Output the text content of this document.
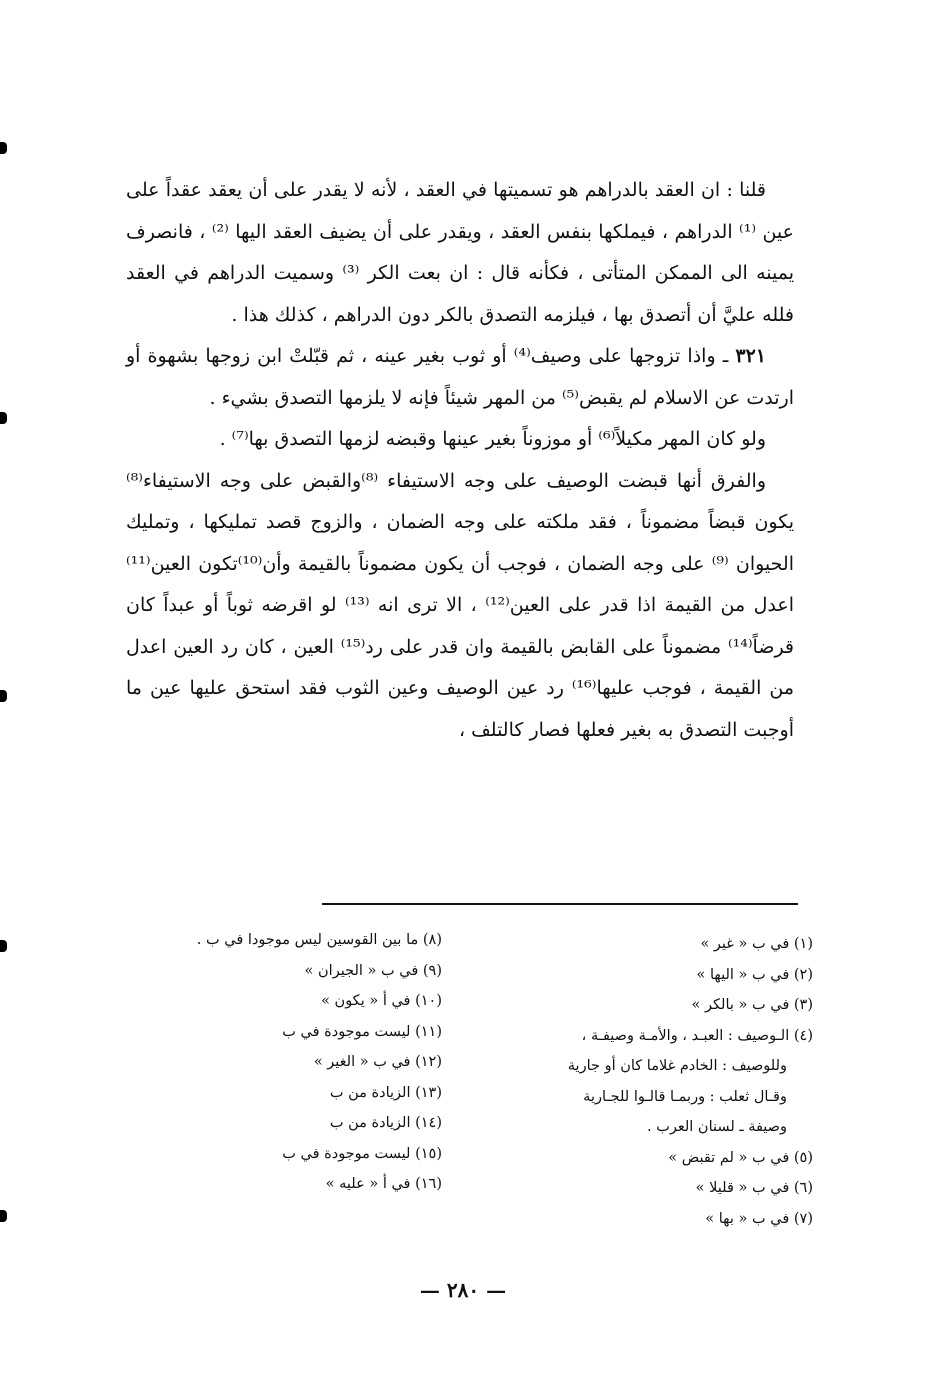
قلنا : ان العقد بالدراهم هو تسميتها في العقد ، لأنه لا يقدر على أن يعقد عقداً على عين ⁽¹⁾ الدراهم ، فيملكها بنفس العقد ، ويقدر على أن يضيف العقد اليها ⁽²⁾ ، فانصرف يمينه الى الممكن المتأتى ، فكأنه قال : ان بعت الكر ⁽³⁾ وسميت الدراهم في العقد فلله عليَّ أن أتصدق بها ، فيلزمه التصدق بالكر دون الدراهم ، كذلك هذا .

٣٢١ ـ واذا تزوجها على وصيف⁽⁴⁾ أو ثوب بغير عينه ، ثم قبّلتْ ابن زوجها بشهوة أو ارتدت عن الاسلام لم يقبض⁽⁵⁾ من المهر شيئاً فإنه لا يلزمها التصدق بشيء .

ولو كان المهر مكيلاً⁽⁶⁾ أو موزوناً بغير عينها وقبضه لزمها التصدق بها⁽⁷⁾ .

والفرق أنها قبضت الوصيف على وجه الاستيفاء ⁽⁸⁾والقبض على وجه الاستيفاء⁽⁸⁾ يكون قبضاً مضموناً ، فقد ملكته على وجه الضمان ، والزوج قصد تمليكها ، وتمليك الحيوان ⁽⁹⁾ على وجه الضمان ، فوجب أن يكون مضموناً بالقيمة وأن⁽¹⁰⁾تكون العين⁽¹¹⁾ اعدل من القيمة اذا قدر على العين⁽¹²⁾ ، الا ترى انه ⁽¹³⁾ لو اقرضه ثوباً أو عبداً كان قرضاً⁽¹⁴⁾ مضموناً على القابض بالقيمة وان قدر على رد⁽¹⁵⁾ العين ، كان رد العين اعدل من القيمة ، فوجب عليها⁽¹⁶⁾ رد عين الوصيف وعين الثوب فقد استحق عليها عين ما أوجبت التصدق به بغير فعلها فصار كالتلف ،

(١) في ب « غير »
(٢) في ب « اليها »
(٣) في ب « بالكر »
(٤) الـوصيف : العبـد ، والأمـة وصيفـة ،
وللوصيف : الخادم غلاما كان أو جارية
وقـال ثعلب : وربمـا قالـوا للجـارية
وصيفة ـ لسنان العرب .
(٥) في ب « لم تقبض »
(٦) في ب « قليلا »
(٧) في ب « بها »
(٨) ما بين القوسين ليس موجودا في ب .
(٩) في ب « الجيران »
(١٠) في أ « يكون »
(١١) ليست موجودة في ب
(١٢) في ب « الغير »
(١٣) الزيادة من ب
(١٤) الزيادة من ب
(١٥) ليست موجودة في ب
(١٦) في أ « عليه »
— ٢٨٠ —
